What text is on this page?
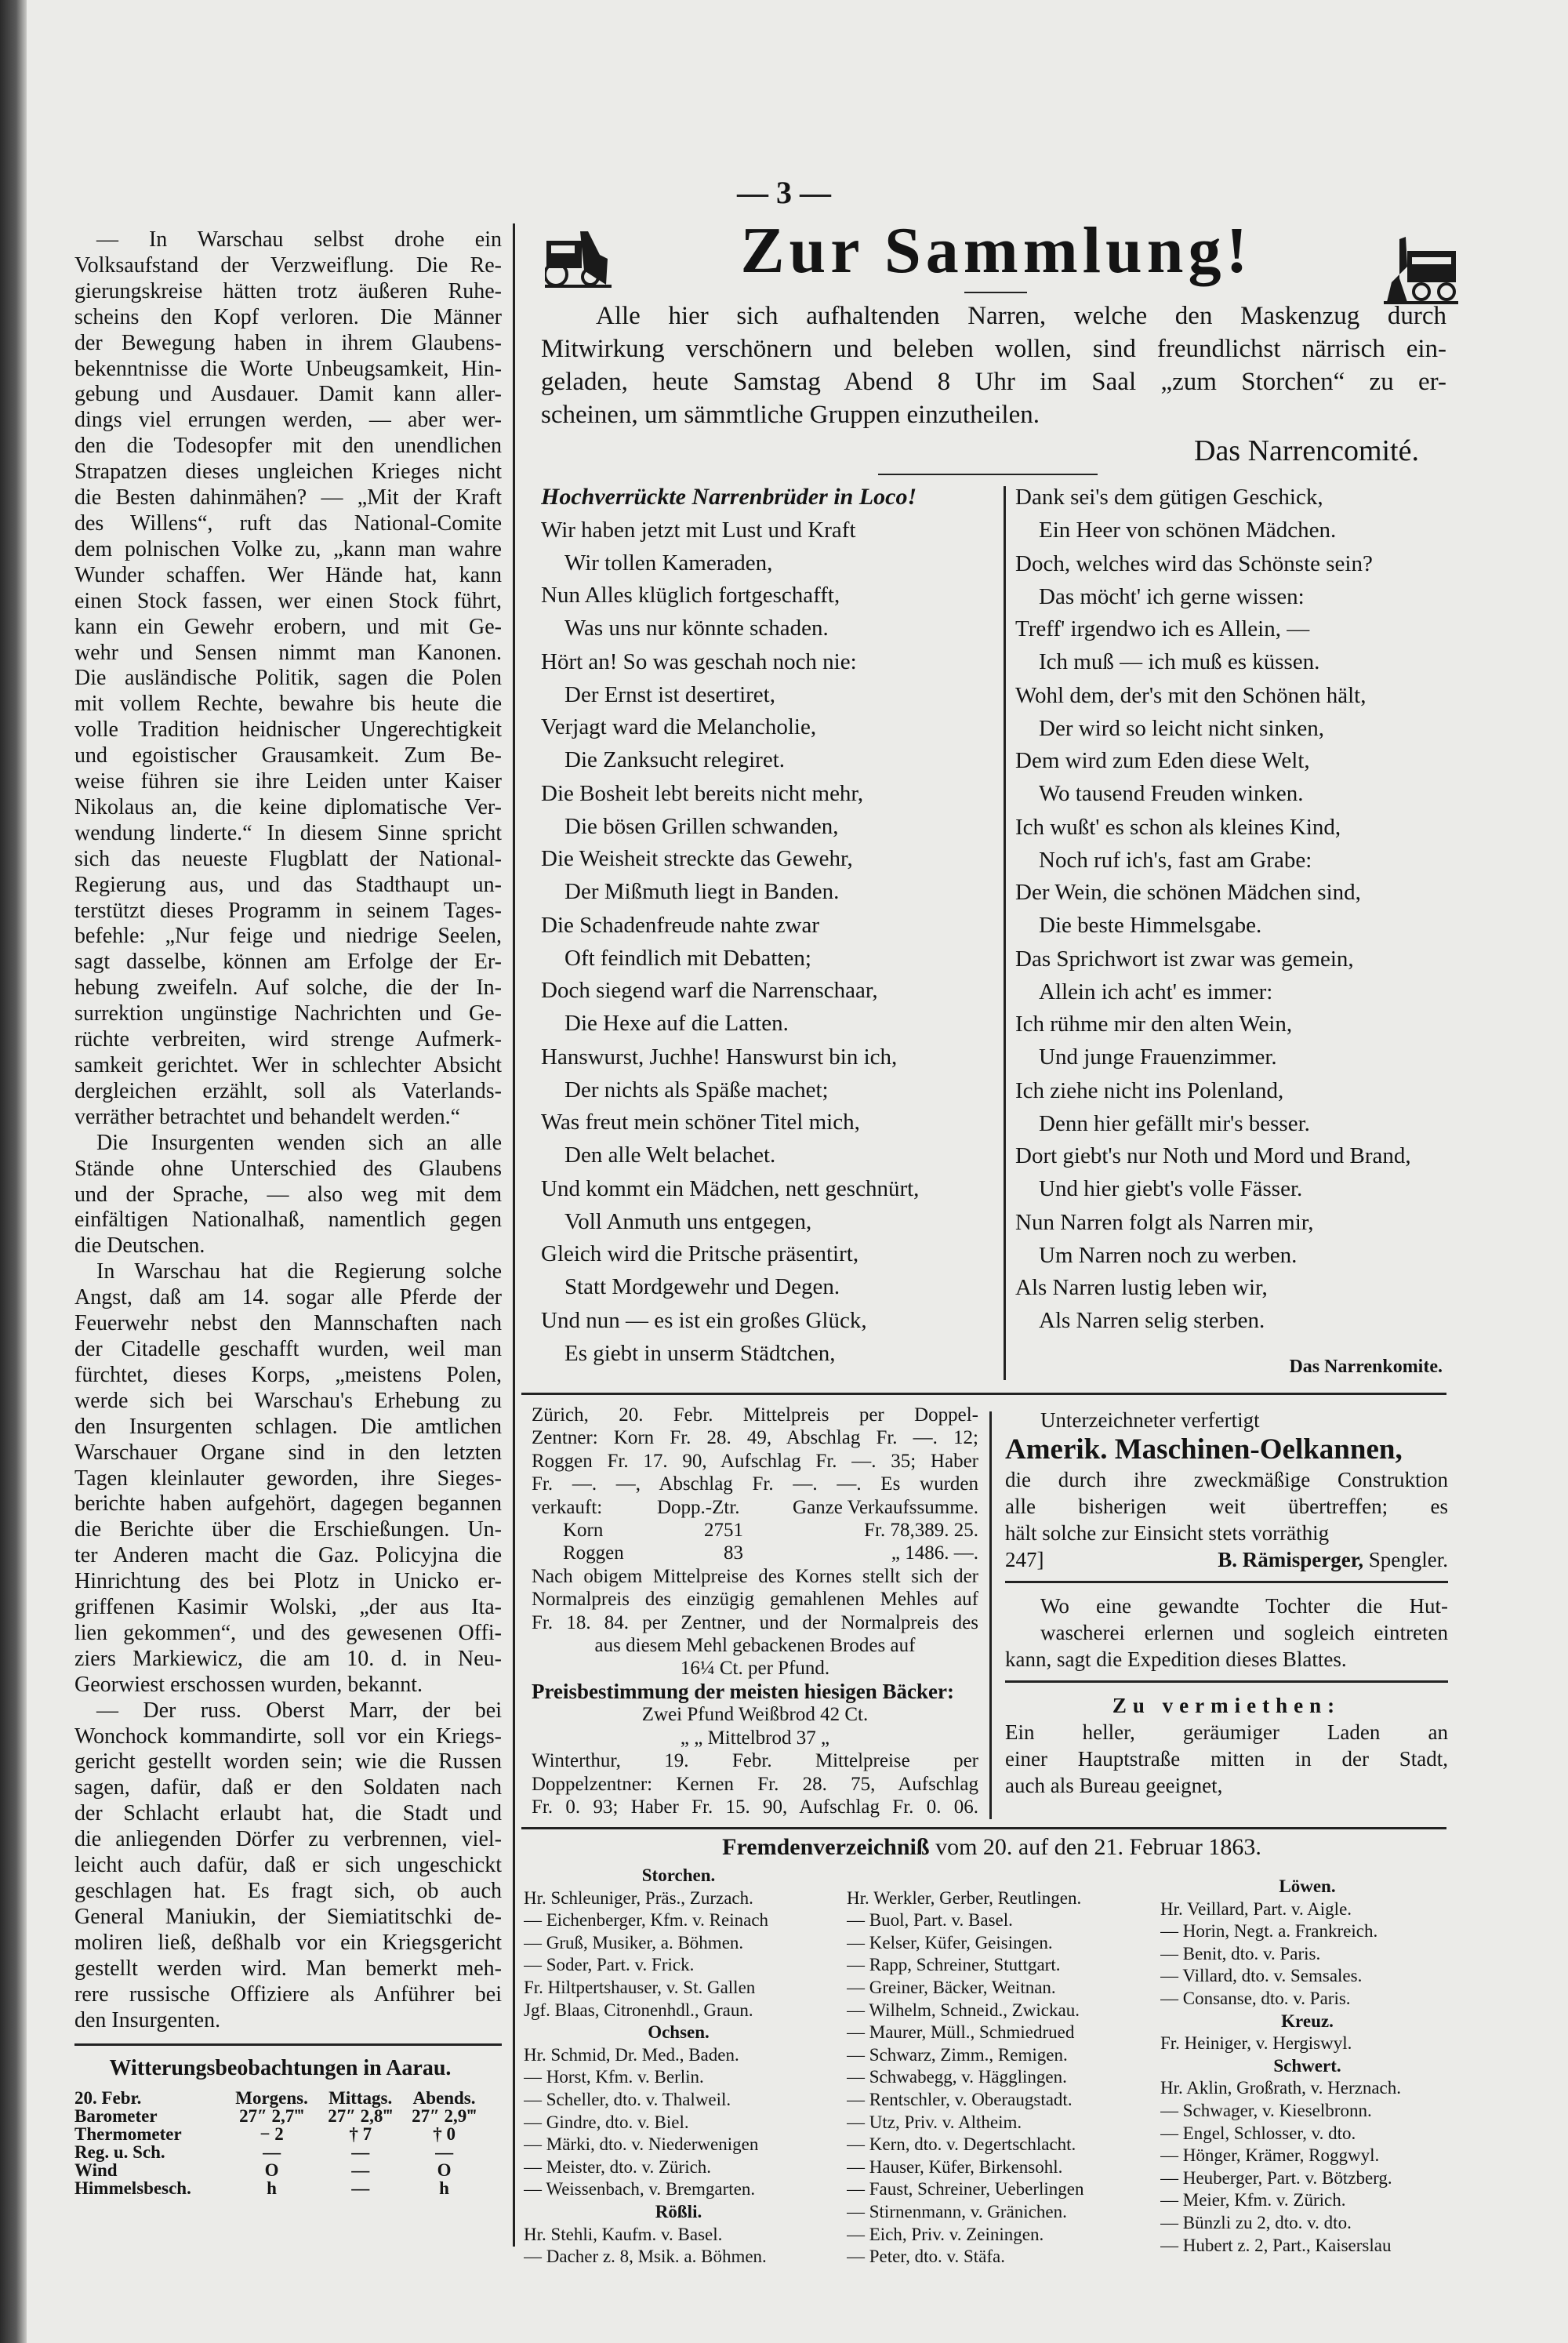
— In Warschau selbst drohe ein
Volksaufstand der Verzweiflung. Die Re-
gierungskreise hätten trotz äußeren Ruhe-
scheins den Kopf verloren. Die Männer
der Bewegung haben in ihrem Glaubens-
bekenntnisse die Worte Unbeugsamkeit, Hin-
gebung und Ausdauer. Damit kann aller-
dings viel errungen werden, — aber wer-
den die Todesopfer mit den unendlichen
Strapatzen dieses ungleichen Krieges nicht
die Besten dahinmähen? — „Mit der Kraft
des Willens“, ruft das National-Comite
dem polnischen Volke zu, „kann man wahre
Wunder schaffen. Wer Hände hat, kann
einen Stock fassen, wer einen Stock führt,
kann ein Gewehr erobern, und mit Ge-
wehr und Sensen nimmt man Kanonen.
Die ausländische Politik, sagen die Polen
mit vollem Rechte, bewahre bis heute die
volle Tradition heidnischer Ungerechtigkeit
und egoistischer Grausamkeit. Zum Be-
weise führen sie ihre Leiden unter Kaiser
Nikolaus an, die keine diplomatische Ver-
wendung linderte.“ In diesem Sinne spricht
sich das neueste Flugblatt der National-
Regierung aus, und das Stadthaupt un-
terstützt dieses Programm in seinem Tages-
befehle: „Nur feige und niedrige Seelen,
sagt dasselbe, können am Erfolge der Er-
hebung zweifeln. Auf solche, die der In-
surrektion ungünstige Nachrichten und Ge-
rüchte verbreiten, wird strenge Aufmerk-
samkeit gerichtet. Wer in schlechter Absicht
dergleichen erzählt, soll als Vaterlands-
verräther betrachtet und behandelt werden.“
Die Insurgenten wenden sich an alle
Stände ohne Unterschied des Glaubens
und der Sprache, — also weg mit dem
einfältigen Nationalhaß, namentlich gegen
die Deutschen.
In Warschau hat die Regierung solche
Angst, daß am 14. sogar alle Pferde der
Feuerwehr nebst den Mannschaften nach
der Citadelle geschafft wurden, weil man
fürchtet, dieses Korps, „meistens Polen,
werde sich bei Warschau's Erhebung zu
den Insurgenten schlagen. Die amtlichen
Warschauer Organe sind in den letzten
Tagen kleinlauter geworden, ihre Sieges-
berichte haben aufgehört, dagegen begannen
die Berichte über die Erschießungen. Un-
ter Anderen macht die Gaz. Policyjna die
Hinrichtung des bei Plotz in Unicko er-
griffenen Kasimir Wolski, „der aus Ita-
lien gekommen“, und des gewesenen Offi-
ziers Markiewicz, die am 10. d. in Neu-
Georwiest erschossen wurden, bekannt.
— Der russ. Oberst Marr, der bei
Wonchock kommandirte, soll vor ein Kriegs-
gericht gestellt worden sein; wie die Russen
sagen, dafür, daß er den Soldaten nach
der Schlacht erlaubt hat, die Stadt und
die anliegenden Dörfer zu verbrennen, viel-
leicht auch dafür, daß er sich ungeschickt
geschlagen hat. Es fragt sich, ob auch
General Maniukin, der Siemiatitschki de-
moliren ließ, deßhalb vor ein Kriegsgericht
gestellt werden wird. Man bemerkt meh-
rere russische Offiziere als Anführer bei
den Insurgenten.
Witterungsbeobachtungen in Aarau.
20. Febr.	Morgens.	Mittags.	Abends.
Barometer	27″ 2,7‴	27″ 2,8‴	27″ 2,9‴
Thermometer	− 2	† 7	† 0
Reg. u. Sch.	—	—	—
Wind	O	—	O
Himmelsbesch.	h	—	h
— 3 —
Zur Sammlung!
Alle hier sich aufhaltenden Narren, welche den Maskenzug durch
Mitwirkung verschönern und beleben wollen, sind freundlichst närrisch ein-
geladen, heute Samstag Abend 8 Uhr im Saal „zum Storchen“ zu er-
scheinen, um sämmtliche Gruppen einzutheilen.
Das Narrencomité.
Hochverrückte Narrenbrüder in Loco!
Wir haben jetzt mit Lust und Kraft
Wir tollen Kameraden,
Nun Alles klüglich fortgeschafft,
Was uns nur könnte schaden.
Hört an! So was geschah noch nie:
Der Ernst ist desertiret,
Verjagt ward die Melancholie,
Die Zanksucht relegiret.
Die Bosheit lebt bereits nicht mehr,
Die bösen Grillen schwanden,
Die Weisheit streckte das Gewehr,
Der Mißmuth liegt in Banden.
Die Schadenfreude nahte zwar
Oft feindlich mit Debatten;
Doch siegend warf die Narrenschaar,
Die Hexe auf die Latten.
Hanswurst, Juchhe! Hanswurst bin ich,
Der nichts als Späße machet;
Was freut mein schöner Titel mich,
Den alle Welt belachet.
Und kommt ein Mädchen, nett geschnürt,
Voll Anmuth uns entgegen,
Gleich wird die Pritsche präsentirt,
Statt Mordgewehr und Degen.
Und nun — es ist ein großes Glück,
Es giebt in unserm Städtchen,
Dank sei's dem gütigen Geschick,
Ein Heer von schönen Mädchen.
Doch, welches wird das Schönste sein?
Das möcht' ich gerne wissen:
Treff' irgendwo ich es Allein, —
Ich muß — ich muß es küssen.
Wohl dem, der's mit den Schönen hält,
Der wird so leicht nicht sinken,
Dem wird zum Eden diese Welt,
Wo tausend Freuden winken.
Ich wußt' es schon als kleines Kind,
Noch ruf ich's, fast am Grabe:
Der Wein, die schönen Mädchen sind,
Die beste Himmelsgabe.
Das Sprichwort ist zwar was gemein,
Allein ich acht' es immer:
Ich rühme mir den alten Wein,
Und junge Frauenzimmer.
Ich ziehe nicht ins Polenland,
Denn hier gefällt mir's besser.
Dort giebt's nur Noth und Mord und Brand,
Und hier giebt's volle Fässer.
Nun Narren folgt als Narren mir,
Um Narren noch zu werben.
Als Narren lustig leben wir,
Als Narren selig sterben.
Das Narrenkomite.
Zürich, 20. Febr. Mittelpreis per Doppel-
Zentner: Korn Fr. 28. 49, Abschlag Fr. —. 12;
Roggen Fr. 17. 90, Aufschlag Fr. —. 35; Haber
Fr. —. —, Abschlag Fr. —. —. Es wurden
verkauft:	Dopp.-Ztr.	Ganze Verkaufssumme.
Korn	2751	Fr. 78,389. 25.
Roggen	83	„ 1486. —.
Nach obigem Mittelpreise des Kornes stellt sich der
Normalpreis des einzügig gemahlenen Mehles auf
Fr. 18. 84. per Zentner, und der Normalpreis des
aus diesem Mehl gebackenen Brodes auf
16¼ Ct. per Pfund.
Preisbestimmung der meisten hiesigen Bäcker:
Zwei Pfund Weißbrod 42 Ct.
„ „ Mittelbrod 37 „
Winterthur, 19. Febr. Mittelpreise per
Doppelzentner: Kernen Fr. 28. 75, Aufschlag
Fr. 0. 93; Haber Fr. 15. 90, Aufschlag Fr. 0. 06.
Unterzeichneter verfertigt
Amerik. Maschinen-Oelkannen,
die durch ihre zweckmäßige Construktion
alle bisherigen weit übertreffen; es
hält solche zur Einsicht stets vorräthig
247]	B. Rämisperger, Spengler.
Wo eine gewandte Tochter die Hut-
wascherei erlernen und sogleich eintreten
kann, sagt die Expedition dieses Blattes.
Zu vermiethen:
Ein heller, geräumiger Laden an
einer Hauptstraße mitten in der Stadt,
auch als Bureau geeignet,
Fremdenverzeichniß vom 20. auf den 21. Februar 1863.
Storchen.
Hr. Schleuniger, Präs., Zurzach.
— Eichenberger, Kfm. v. Reinach
— Gruß, Musiker, a. Böhmen.
— Soder, Part. v. Frick.
Fr. Hiltpertshauser, v. St. Gallen
Jgf. Blaas, Citronenhdl., Graun.
Ochsen.
Hr. Schmid, Dr. Med., Baden.
— Horst, Kfm. v. Berlin.
— Scheller, dto. v. Thalweil.
— Gindre, dto. v. Biel.
— Märki, dto. v. Niederwenigen
— Meister, dto. v. Zürich.
— Weissenbach, v. Bremgarten.
Rößli.
Hr. Stehli, Kaufm. v. Basel.
— Dacher z. 8, Msik. a. Böhmen.
Hr. Werkler, Gerber, Reutlingen.
— Buol, Part. v. Basel.
— Kelser, Küfer, Geisingen.
— Rapp, Schreiner, Stuttgart.
— Greiner, Bäcker, Weitnan.
— Wilhelm, Schneid., Zwickau.
— Maurer, Müll., Schmiedrued
— Schwarz, Zimm., Remigen.
— Schwabegg, v. Hägglingen.
— Rentschler, v. Oberaugstadt.
— Utz, Priv. v. Altheim.
— Kern, dto. v. Degertschlacht.
— Hauser, Küfer, Birkensohl.
— Faust, Schreiner, Ueberlingen
— Stirnenmann, v. Gränichen.
— Eich, Priv. v. Zeiningen.
— Peter, dto. v. Stäfa.
Löwen.
Hr. Veillard, Part. v. Aigle.
— Horin, Negt. a. Frankreich.
— Benit, dto. v. Paris.
— Villard, dto. v. Semsales.
— Consanse, dto. v. Paris.
Kreuz.
Fr. Heiniger, v. Hergiswyl.
Schwert.
Hr. Aklin, Großrath, v. Herznach.
— Schwager, v. Kieselbronn.
— Engel, Schlosser, v. dto.
— Hönger, Krämer, Roggwyl.
— Heuberger, Part. v. Bötzberg.
— Meier, Kfm. v. Zürich.
— Bünzli zu 2, dto. v. dto.
— Hubert z. 2, Part., Kaiserslau
